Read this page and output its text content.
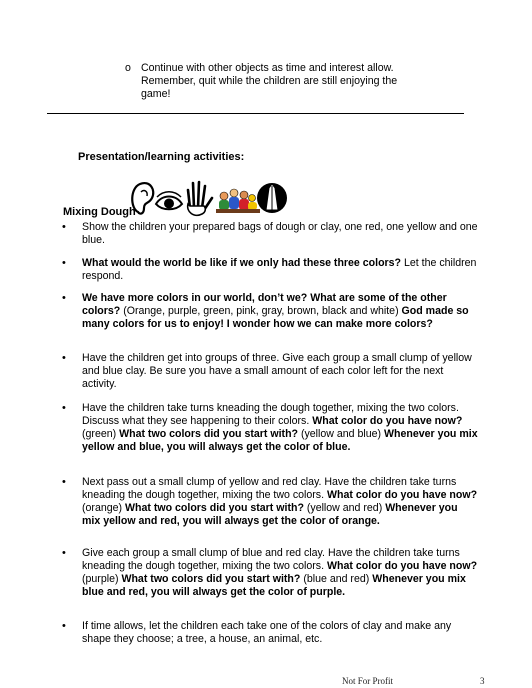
o Continue with other objects as time and interest allow. Remember, quit while the children are still enjoying the game!
Presentation/learning activities:
Mixing Dough
• Show the children your prepared bags of dough or clay, one red, one yellow and one blue.
• What would the world be like if we only had these three colors? Let the children respond.
• We have more colors in our world, don’t we? What are some of the other colors? (Orange, purple, green, pink, gray, brown, black and white) God made so many colors for us to enjoy! I wonder how we can make more colors?
• Have the children get into groups of three. Give each group a small clump of yellow and blue clay. Be sure you have a small amount of each color left for the next activity.
• Have the children take turns kneading the dough together, mixing the two colors. Discuss what they see happening to their colors. What color do you have now? (green) What two colors did you start with? (yellow and blue) Whenever you mix yellow and blue, you will always get the color of blue.
• Next pass out a small clump of yellow and red clay. Have the children take turns kneading the dough together, mixing the two colors. What color do you have now? (orange) What two colors did you start with? (yellow and red) Whenever you mix yellow and red, you will always get the color of orange.
• Give each group a small clump of blue and red clay. Have the children take turns kneading the dough together, mixing the two colors. What color do you have now? (purple) What two colors did you start with? (blue and red) Whenever you mix blue and red, you will always get the color of purple.
• If time allows, let the children each take one of the colors of clay and make any shape they choose; a tree, a house, an animal, etc.
Not For Profit	3
